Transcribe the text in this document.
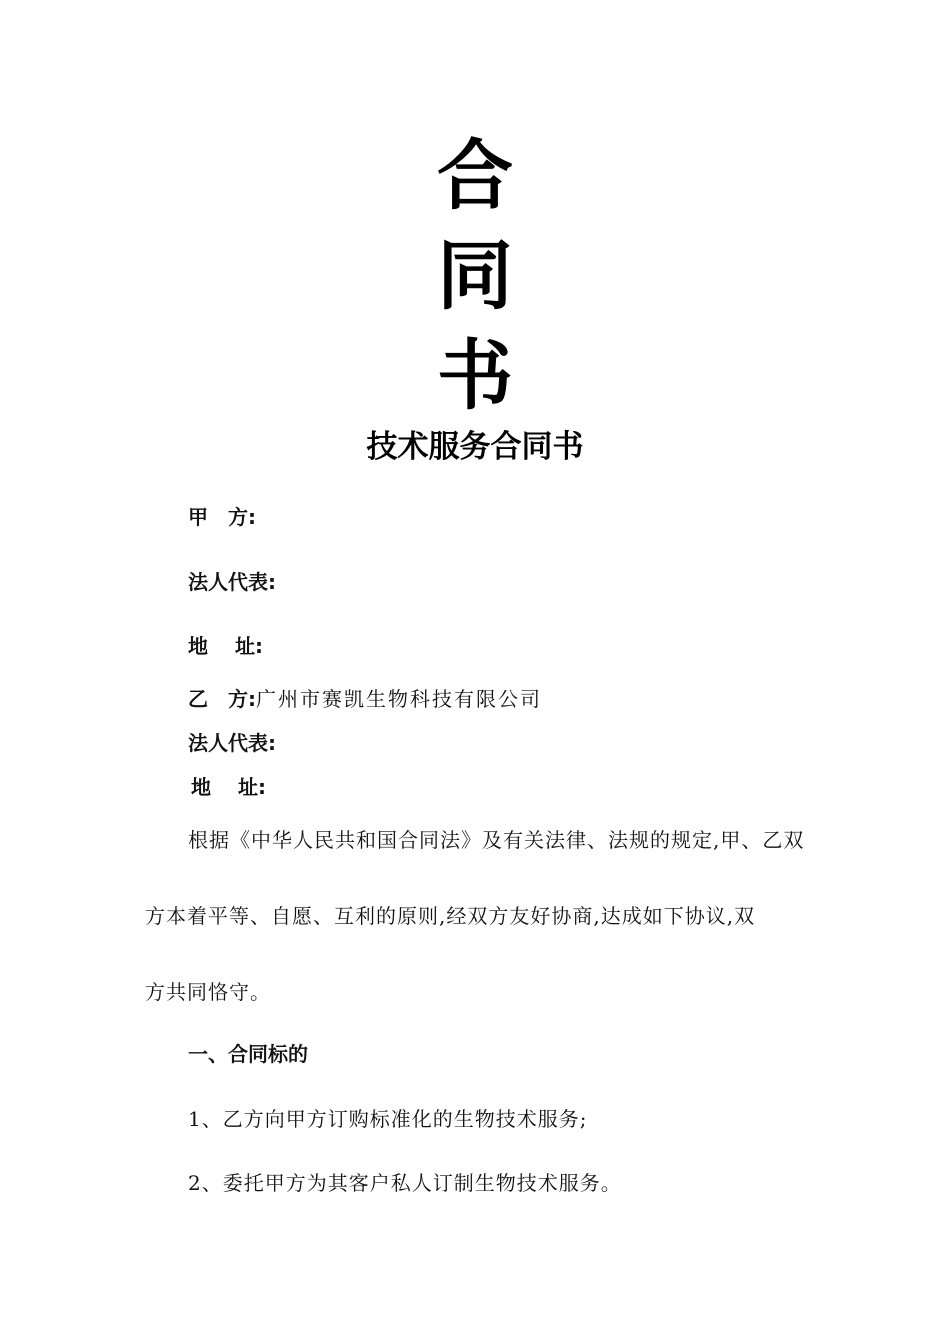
合
同
书
技术服务合同书
甲　方:
法人代表:
地　 址:
乙　方:广州市赛凯生物科技有限公司
法人代表:
地　 址:
根据《中华人民共和国合同法》及有关法律、法规的规定,甲、乙双
方本着平等、自愿、互利的原则,经双方友好协商,达成如下协议,双
方共同恪守。
一、合同标的
1、乙方向甲方订购标准化的生物技术服务;
2、委托甲方为其客户私人订制生物技术服务。
